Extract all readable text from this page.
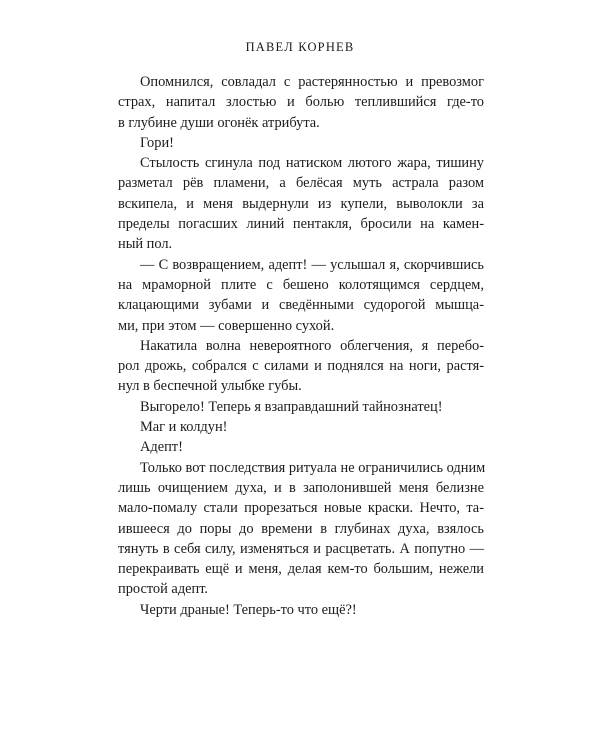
ПАВЕЛ КОРНЕВ
Опомнился, совладал с растерянностью и превозмог
страх, напитал злостью и болью теплившийся где-то
в глубине души огонёк атрибута.
Гори!
Стылость сгинула под натиском лютого жара, тишину
разметал рёв пламени, а белёсая муть астрала разом
вскипела, и меня выдернули из купели, выволокли за
пределы погасших линий пентакля, бросили на камен-
ный пол.
— С возвращением, адепт! — услышал я, скорчившись
на мраморной плите с бешено колотящимся сердцем,
клацающими зубами и сведёнными судорогой мышца-
ми, при этом — совершенно сухой.
Накатила волна невероятного облегчения, я перебо-
рол дрожь, собрался с силами и поднялся на ноги, растя-
нул в беспечной улыбке губы.
Выгорело! Теперь я взаправдашний тайнознатец!
Маг и колдун!
Адепт!
Только вот последствия ритуала не ограничились одним
лишь очищением духа, и в заполонившей меня белизне
мало-помалу стали прорезаться новые краски. Нечто, та-
ившееся до поры до времени в глубинах духа, взялось
тянуть в себя силу, изменяться и расцветать. А попутно —
перекраивать ещё и меня, делая кем-то большим, нежели
простой адепт.
Черти драные! Теперь-то что ещё?!
